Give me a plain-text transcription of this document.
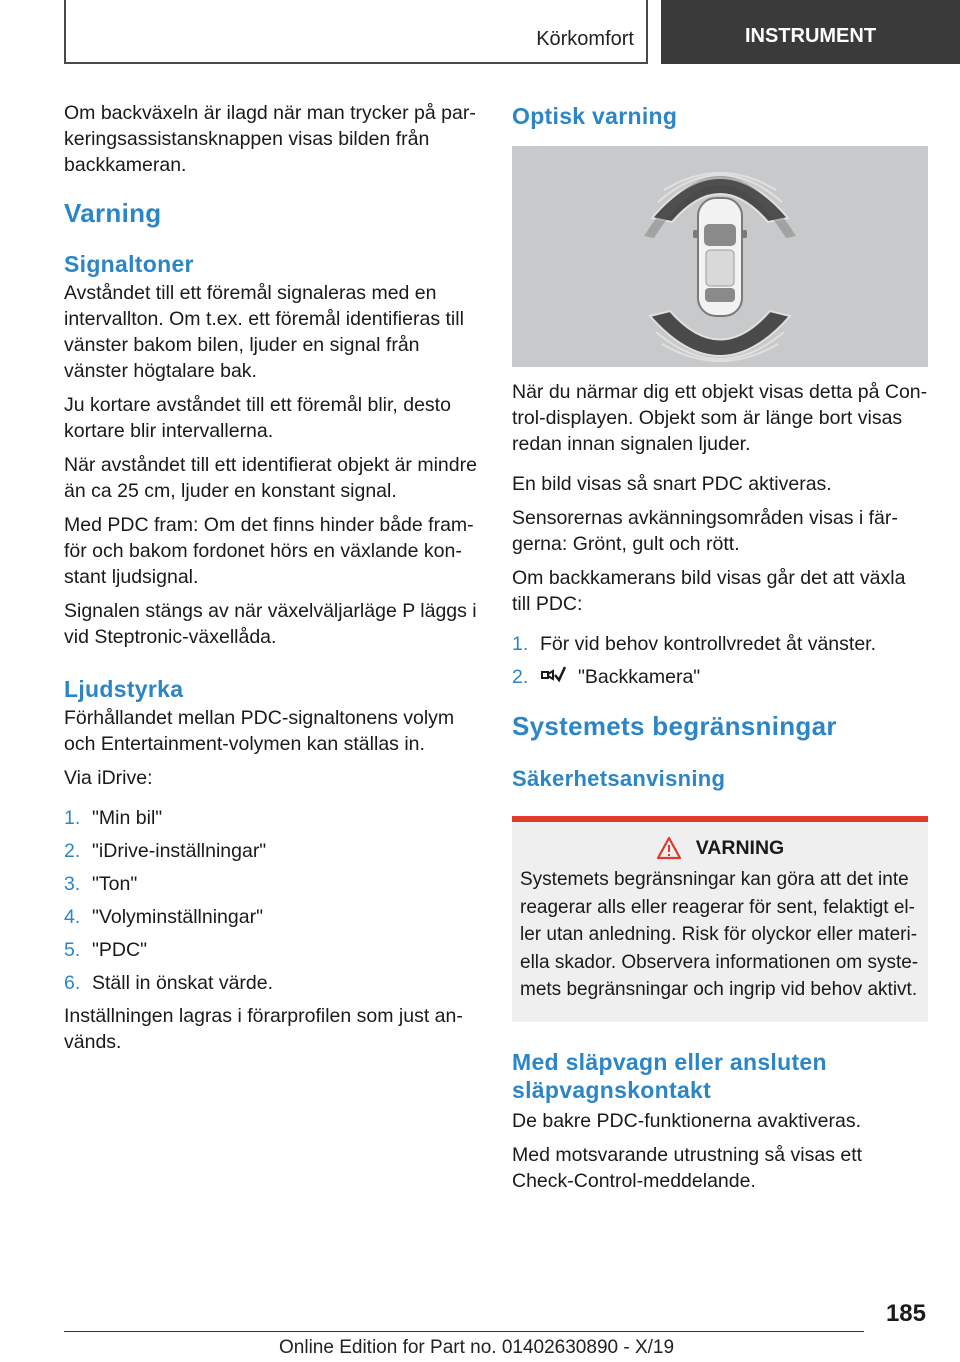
Körkomfort	INSTRUMENT

Om backväxeln är ilagd när man trycker på parkeringsassistansknappen visas bilden från backkameran.

Varning
Signaltoner

Avståndet till ett föremål signaleras med en intervallton. Om t.ex. ett föremål identifieras till vänster bakom bilen, ljuder en signal från vänster högtalare bak.

Ju kortare avståndet till ett föremål blir, desto kortare blir intervallerna.

När avståndet till ett identifierat objekt är mindre än ca 25 cm, ljuder en konstant signal.

Med PDC fram: Om det finns hinder både framför och bakom fordonet hörs en växlande konstant ljudsignal.

Signalen stängs av när växelväljarläge P läggs i vid Steptronic-växellåda.

Ljudstyrka

Förhållandet mellan PDC-signaltonens volym och Entertainment-volymen kan ställas in.

Via iDrive:

1. "Min bil"
2. "iDrive-inställningar"
3. "Ton"
4. "Volyminställningar"
5. "PDC"
6. Ställ in önskat värde.

Inställningen lagras i förarprofilen som just används.

Optisk varning

När du närmar dig ett objekt visas detta på Control-displayen. Objekt som är länge bort visas redan innan signalen ljuder.

En bild visas så snart PDC aktiveras.

Sensorernas avkänningsområden visas i färgerna: Grönt, gult och rött.

Om backkamerans bild visas går det att växla till PDC:

1. För vid behov kontrollvredet åt vänster.
2.	"Backkamera"
Systemets begränsningar
Säkerhetsanvisning
VARNING

Systemets begränsningar kan göra att det inte reagerar alls eller reagerar för sent, felaktigt eller utan anledning. Risk för olyckor eller materiella skador. Observera informationen om systemets begränsningar och ingrip vid behov aktivt.

Med släpvagn eller ansluten släpvagnskontakt

De bakre PDC-funktionerna avaktiveras.

Med motsvarande utrustning så visas ett Check-Control-meddelande.

185
Online Edition for Part no. 01402630890 - X/19
